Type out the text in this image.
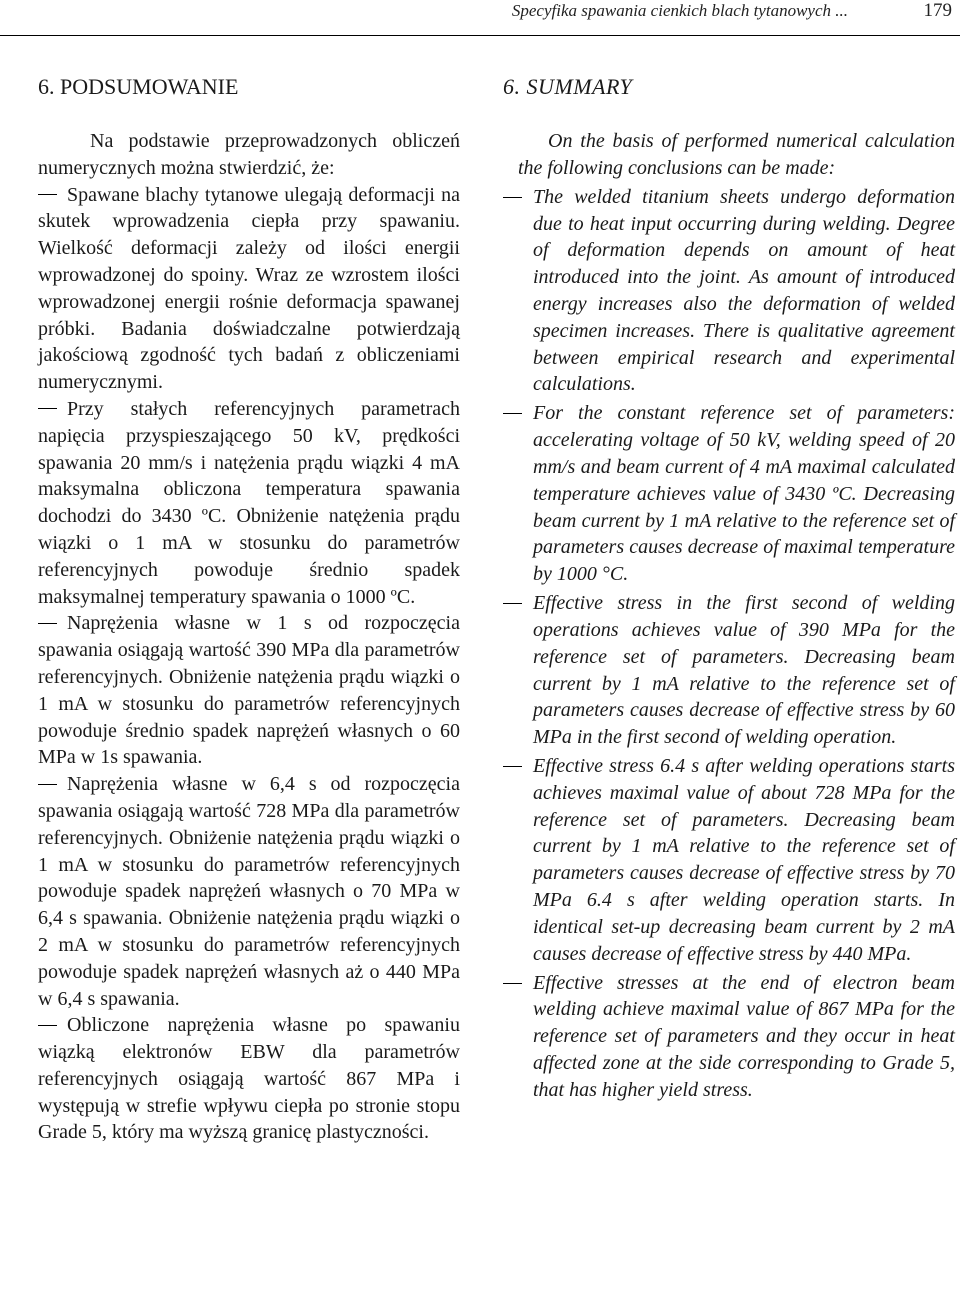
Specyfika spawania cienkich blach tytanowych ...	179
6. PODSUMOWANIE

Na podstawie przeprowadzonych obliczeń numerycznych można stwierdzić, że:

Spawane blachy tytanowe ulegają deformacji na skutek wprowadzenia ciepła przy spawaniu. Wielkość deformacji zależy od ilości energii wprowadzonej do spoiny. Wraz ze wzrostem ilości wprowadzonej energii rośnie deformacja spawanej próbki. Badania doświadczalne potwierdzają jakościową zgodność tych badań z obliczeniami numerycznymi.
Przy stałych referencyjnych parametrach napięcia przyspieszającego 50 kV, prędkości spawania 20 mm/s i natężenia prądu wiązki 4 mA maksymalna obliczona temperatura spawania dochodzi do 3430 ºC. Obniżenie natężenia prądu wiązki o 1 mA w stosunku do parametrów referencyjnych powoduje średnio spadek maksymalnej temperatury spawania o 1000 ºC.
Naprężenia własne w 1 s od rozpoczęcia spawania osiągają wartość 390 MPa dla parametrów referencyjnych. Obniżenie natężenia prądu wiązki o 1 mA w stosunku do parametrów referencyjnych powoduje średnio spadek naprężeń własnych o 60 MPa w 1s spawania.
Naprężenia własne w 6,4 s od rozpoczęcia spawania osiągają wartość 728 MPa dla parametrów referencyjnych. Obniżenie natężenia prądu wiązki o 1 mA w stosunku do parametrów referencyjnych powoduje spadek naprężeń własnych o 70 MPa w 6,4 s spawania. Obniżenie natężenia prądu wiązki o 2 mA w stosunku do parametrów referencyjnych powoduje spadek naprężeń własnych aż o 440 MPa w 6,4 s spawania.
Obliczone naprężenia własne po spawaniu wiązką elektronów EBW dla parametrów referencyjnych osiągają wartość 867 MPa i występują w strefie wpływu ciepła po stronie stopu Grade 5, który ma wyższą granicę plastyczności.
6. SUMMARY

On the basis of performed numerical calculation the following conclusions can be made:

The welded titanium sheets undergo deformation due to heat input occurring during welding. Degree of deformation depends on amount of heat introduced into the joint. As amount of introduced energy increases also the deformation of welded specimen increases. There is qualitative agreement between empirical research and experimental calculations.
For the constant reference set of parameters: accelerating voltage of 50 kV, welding speed of 20 mm/s and beam current of 4 mA maximal calculated temperature achieves value of 3430 ºC. Decreasing beam current by 1 mA relative to the reference set of parameters causes decrease of maximal temperature by 1000 °C.
Effective stress in the first second of welding operations achieves value of 390 MPa for the reference set of parameters. Decreasing beam current by 1 mA relative to the reference set of parameters causes decrease of effective stress by 60 MPa in the first second of welding operation.
Effective stress 6.4 s after welding operations starts achieves maximal value of about 728 MPa for the reference set of parameters. Decreasing beam current by 1 mA relative to the reference set of parameters causes decrease of effective stress by 70 MPa 6.4 s after welding operation starts. In identical set-up decreasing beam current by 2 mA causes decrease of effective stress by 440 MPa.
Effective stresses at the end of electron beam welding achieve maximal value of 867 MPa for the reference set of parameters and they occur in heat affected zone at the side corresponding to Grade 5, that has higher yield stress.
